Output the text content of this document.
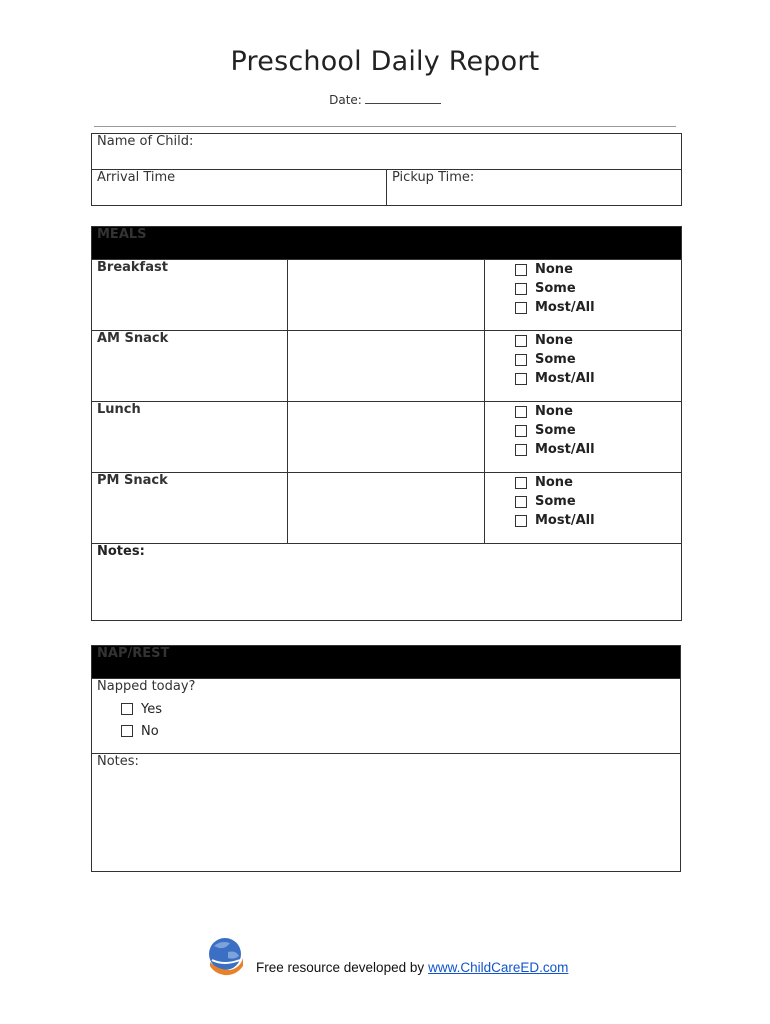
Preschool Daily Report
Date:
Name of Child:
Arrival Time	Pickup Time:
MEALS		
Breakfast		None
Some
Most/All

AM Snack		None
Some
Most/All

Lunch		None
Some
Most/All

PM Snack		None
Some
Most/All

Notes:		
NAP/REST

Napped today?
Yes
No

Notes:
Free resource developed by www.ChildCareED.com
